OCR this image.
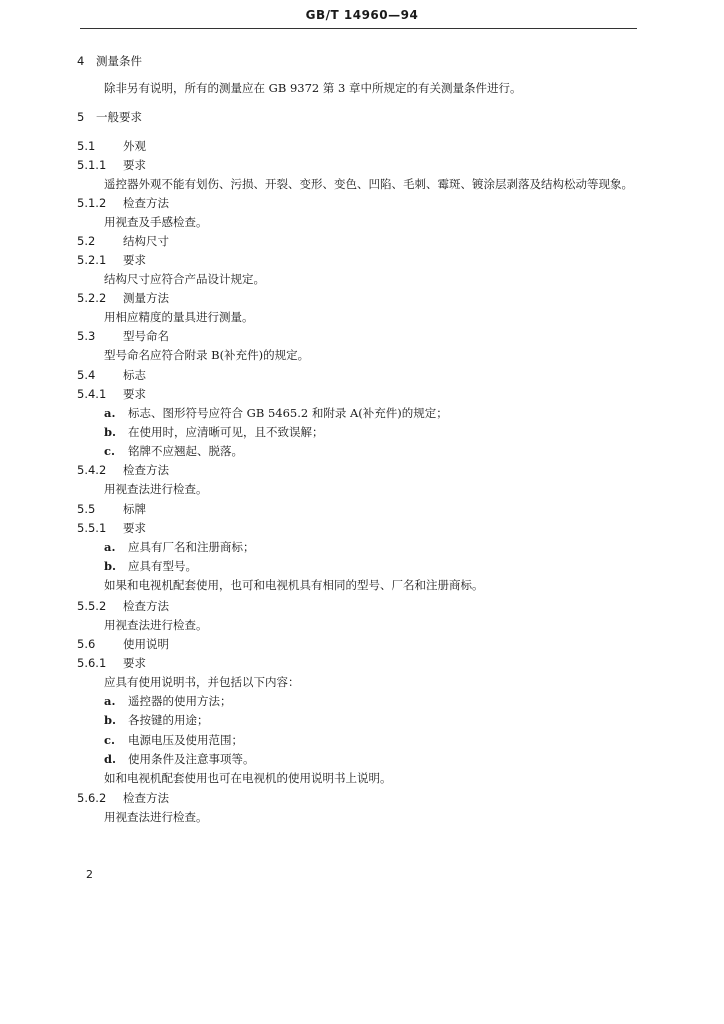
GB/T 14960—94
4 测量条件
除非另有说明，所有的测量应在 GB 9372 第 3 章中所规定的有关测量条件进行。
5 一般要求
5.1 外观
5.1.1 要求
遥控器外观不能有划伤、污损、开裂、变形、变色、凹陷、毛刺、霉斑、镀涂层剥落及结构松动等现象。
5.1.2 检查方法
用视查及手感检查。
5.2 结构尺寸
5.2.1 要求
结构尺寸应符合产品设计规定。
5.2.2 测量方法
用相应精度的量具进行测量。
5.3 型号命名
型号命名应符合附录 B(补充件)的规定。
5.4 标志
5.4.1 要求
a. 标志、图形符号应符合 GB 5465.2 和附录 A(补充件)的规定；
b. 在使用时，应清晰可见，且不致误解；
c. 铭牌不应翘起、脱落。
5.4.2 检查方法
用视查法进行检查。
5.5 标牌
5.5.1 要求
a. 应具有厂名和注册商标；
b. 应具有型号。
如果和电视机配套使用，也可和电视机具有相同的型号、厂名和注册商标。
5.5.2 检查方法
用视查法进行检查。
5.6 使用说明
5.6.1 要求
应具有使用说明书，并包括以下内容：
a. 遥控器的使用方法；
b. 各按键的用途；
c. 电源电压及使用范围；
d. 使用条件及注意事项等。
如和电视机配套使用也可在电视机的使用说明书上说明。
5.6.2 检查方法
用视查法进行检查。
2
